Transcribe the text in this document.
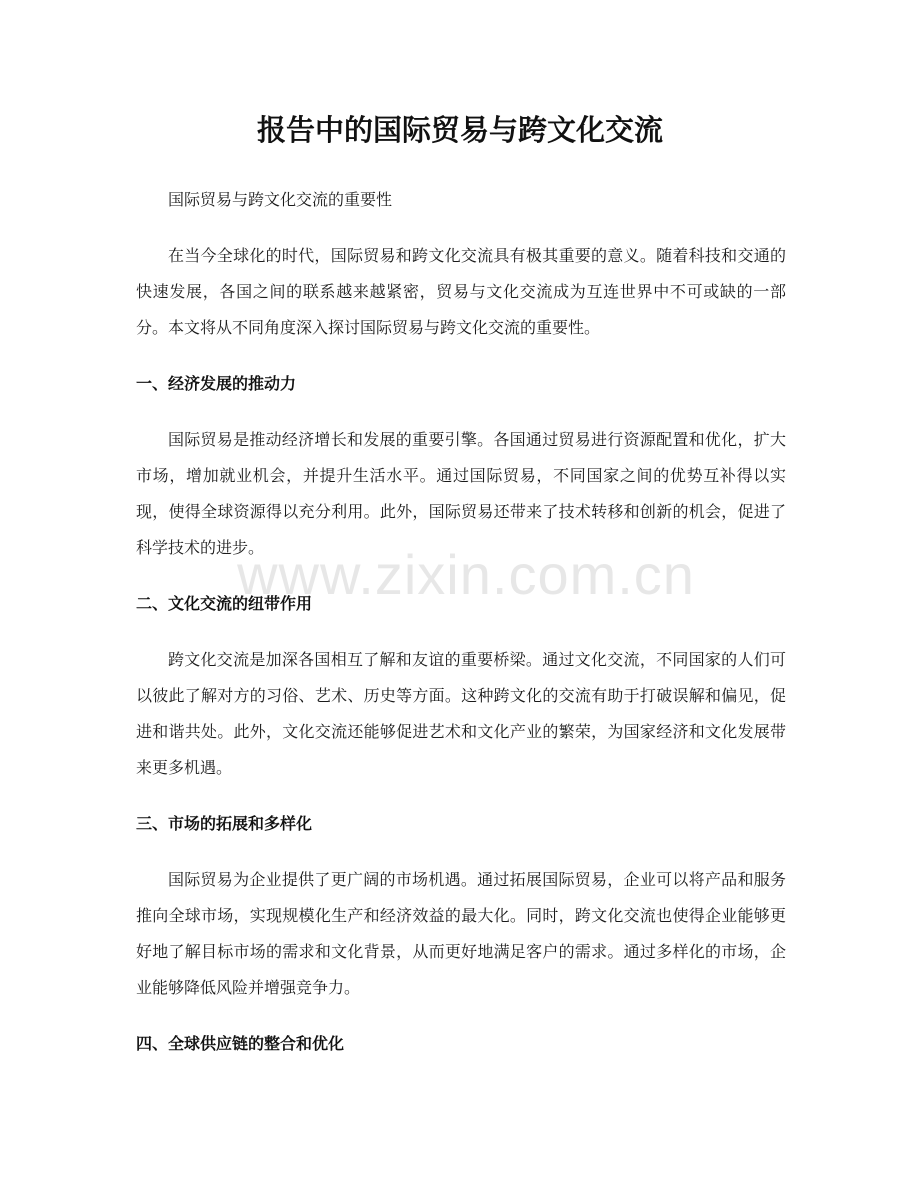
报告中的国际贸易与跨文化交流

国际贸易与跨文化交流的重要性

在当今全球化的时代，国际贸易和跨文化交流具有极其重要的意义。随着科技和交通的快速发展，各国之间的联系越来越紧密，贸易与文化交流成为互连世界中不可或缺的一部分。本文将从不同角度深入探讨国际贸易与跨文化交流的重要性。

一、经济发展的推动力

国际贸易是推动经济增长和发展的重要引擎。各国通过贸易进行资源配置和优化，扩大市场，增加就业机会，并提升生活水平。通过国际贸易，不同国家之间的优势互补得以实现，使得全球资源得以充分利用。此外，国际贸易还带来了技术转移和创新的机会，促进了科学技术的进步。

二、文化交流的纽带作用

跨文化交流是加深各国相互了解和友谊的重要桥梁。通过文化交流，不同国家的人们可以彼此了解对方的习俗、艺术、历史等方面。这种跨文化的交流有助于打破误解和偏见，促进和谐共处。此外，文化交流还能够促进艺术和文化产业的繁荣，为国家经济和文化发展带来更多机遇。

三、市场的拓展和多样化

国际贸易为企业提供了更广阔的市场机遇。通过拓展国际贸易，企业可以将产品和服务推向全球市场，实现规模化生产和经济效益的最大化。同时，跨文化交流也使得企业能够更好地了解目标市场的需求和文化背景，从而更好地满足客户的需求。通过多样化的市场，企业能够降低风险并增强竞争力。

四、全球供应链的整合和优化
www.zixin.com.cn
